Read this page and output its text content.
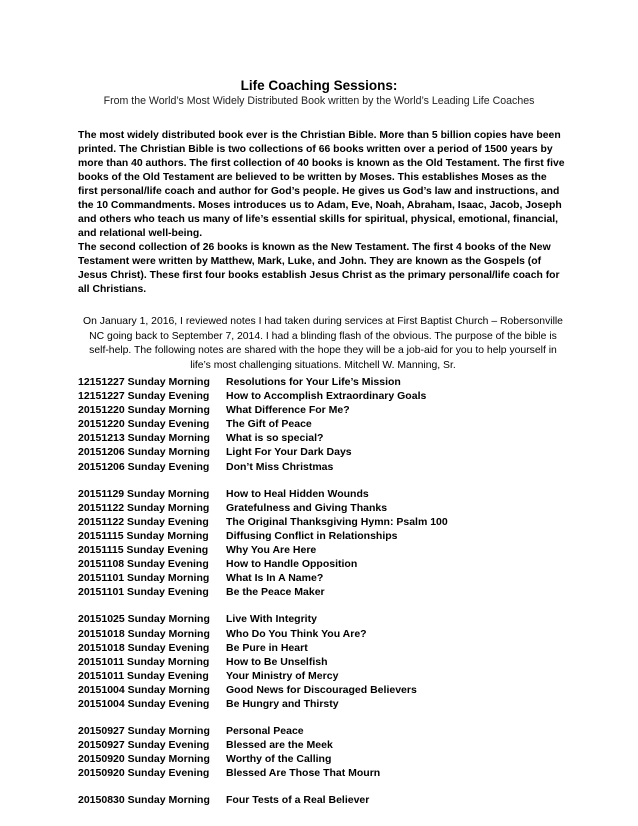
Life Coaching Sessions:
From the World’s Most Widely Distributed Book written by the World’s Leading Life Coaches
The most widely distributed book ever is the Christian Bible. More than 5 billion copies have been printed. The Christian Bible is two collections of 66 books written over a period of 1500 years by more than 40 authors. The first collection of 40 books is known as the Old Testament. The first five books of the Old Testament are believed to be written by Moses. This establishes Moses as the first personal/life coach and author for God’s people. He gives us God’s law and instructions, and the 10 Commandments. Moses introduces us to Adam, Eve, Noah, Abraham, Isaac, Jacob, Joseph and others who teach us many of life’s essential skills for spiritual, physical, emotional, financial, and relational well-being.
The second collection of 26 books is known as the New Testament. The first 4 books of the New Testament were written by Matthew, Mark, Luke, and John. They are known as the Gospels (of Jesus Christ). These first four books establish Jesus Christ as the primary personal/life coach for all Christians.
On January 1, 2016, I reviewed notes I had taken during services at First Baptist Church – Robersonville NC going back to September 7, 2014. I had a blinding flash of the obvious. The purpose of the bible is self-help. The following notes are shared with the hope they will be a job-aid for you to help yourself in life’s most challenging situations. Mitchell W. Manning, Sr.
12151227 Sunday Morning	Resolutions for Your Life’s Mission
12151227 Sunday Evening	How to Accomplish Extraordinary Goals
20151220 Sunday Morning	What Difference For Me?
20151220 Sunday Evening	The Gift of Peace
20151213 Sunday Morning	What is so special?
20151206 Sunday Morning	Light For Your Dark Days
20151206 Sunday Evening	Don’t Miss Christmas
20151129 Sunday Morning	How to Heal Hidden Wounds
20151122 Sunday Morning	Gratefulness and Giving Thanks
20151122 Sunday Evening	The Original Thanksgiving Hymn: Psalm 100
20151115 Sunday Morning	Diffusing Conflict in Relationships
20151115 Sunday Evening	Why You Are Here
20151108 Sunday Evening	How to Handle Opposition
20151101 Sunday Morning	What Is In A Name?
20151101 Sunday Evening	Be the Peace Maker
20151025 Sunday Morning	Live With Integrity
20151018 Sunday Morning	Who Do You Think You Are?
20151018 Sunday Evening	Be Pure in Heart
20151011 Sunday Morning	How to Be Unselfish
20151011 Sunday Evening	Your Ministry of Mercy
20151004 Sunday Morning	Good News for Discouraged Believers
20151004 Sunday Evening	Be Hungry and Thirsty
20150927 Sunday Morning	Personal Peace
20150927 Sunday Evening	Blessed are the Meek
20150920 Sunday Morning	Worthy of the Calling
20150920 Sunday Evening	Blessed Are Those That Mourn
20150830 Sunday Morning	Four Tests of a Real Believer
